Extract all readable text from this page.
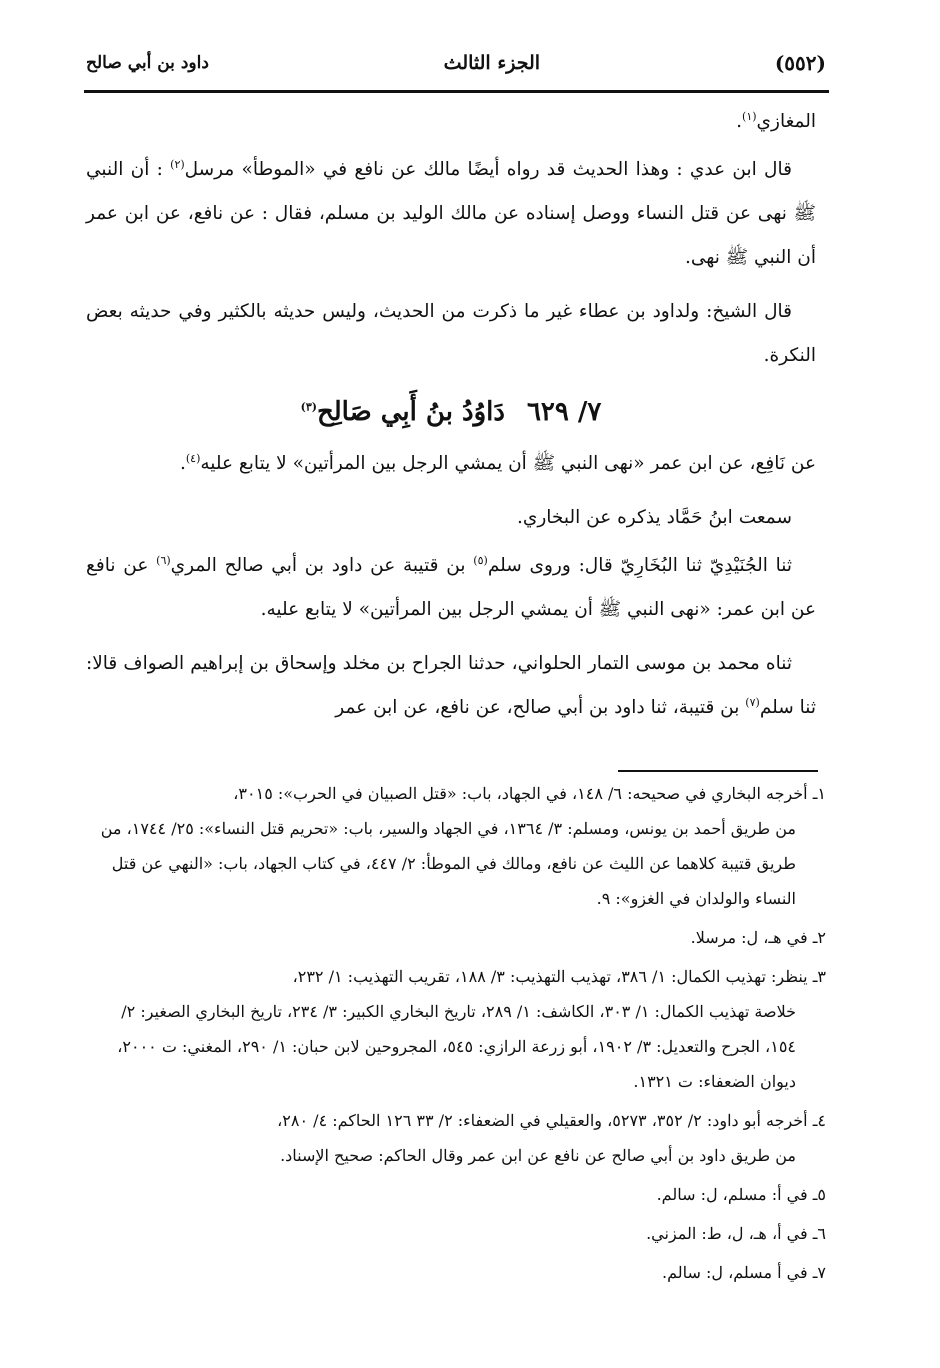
(٥٥٢)
الجزء الثالث
داود بن أبي صالح

المغازي$^{(١)}$.

قال ابن عدي : وهذا الحديث قد رواه أيضًا مالك عن نافع في «الموطأ» مرسل$^{(٢)}$ : أن النبي ﷺ نهى عن قتل النساء ووصل إسناده عن مالك الوليد بن مسلم، فقال : عن نافع، عن ابن عمر أن النبي ﷺ نهى.

قال الشيخ: ولداود بن عطاء غير ما ذكرت من الحديث، وليس حديثه بالكثير وفي حديثه بعض النكرة.

٧/ ٦٢٩دَاوُدُ بنُ أَبِي صَالِح$^{(٣)}$

عن نَافِع، عن ابن عمر «نهى النبي ﷺ أن يمشي الرجل بين المرأتين» لا يتابع عليه$^{(٤)}$.

سمعت ابنُ حَمَّاد يذكره عن البخاري.

ثنا الجُنَيْدِيّ ثنا البُخَارِيّ قال: وروى سلم$^{(٥)}$ بن قتيبة عن داود بن أبي صالح المري$^{(٦)}$ عن نافع عن ابن عمر: «نهى النبي ﷺ أن يمشي الرجل بين المرأتين» لا يتابع عليه.

ثناه محمد بن موسى التمار الحلواني، حدثنا الجراح بن مخلد وإسحاق بن إبراهيم الصواف قالا: ثنا سلم$^{(٧)}$ بن قتيبة، ثنا داود بن أبي صالح، عن نافع، عن ابن عمر

١ـ أخرجه البخاري في صحيحه: ٦/ ١٤٨، في الجهاد، باب: «قتل الصبيان في الحرب»: ٣٠١٥،
من طريق أحمد بن يونس، ومسلم: ٣/ ١٣٦٤، في الجهاد والسير، باب: «تحريم قتل النساء»: ٢٥/ ١٧٤٤، من طريق قتيبة كلاهما عن الليث عن نافع، ومالك في الموطأ: ٢/ ٤٤٧، في كتاب الجهاد، باب: «النهي عن قتل النساء والولدان في الغزو»: ٩.
٢ـ في هـ، ل: مرسلا.
٣ـ ينظر: تهذيب الكمال: ١/ ٣٨٦، تهذيب التهذيب: ٣/ ١٨٨، تقريب التهذيب: ١/ ٢٣٢،
خلاصة تهذيب الكمال: ١/ ٣٠٣، الكاشف: ١/ ٢٨٩، تاريخ البخاري الكبير: ٣/ ٢٣٤، تاريخ البخاري الصغير: ٢/ ١٥٤، الجرح والتعديل: ٣/ ١٩٠٢، أبو زرعة الرازي: ٥٤٥، المجروحين لابن حبان: ١/ ٢٩٠، المغني: ت ٢٠٠٠، ديوان الضعفاء: ت ١٣٢١.
٤ـ أخرجه أبو داود: ٢/ ٣٥٢، ٥٢٧٣، والعقيلي في الضعفاء: ٢/ ٣٣ ١٢٦ الحاكم: ٤/ ٢٨٠،
من طريق داود بن أبي صالح عن نافع عن ابن عمر وقال الحاكم: صحيح الإسناد.
٥ـ في أ: مسلم، ل: سالم.
٦ـ في أ، هـ، ل، ط: المزني.
٧ـ في أ مسلم، ل: سالم.
